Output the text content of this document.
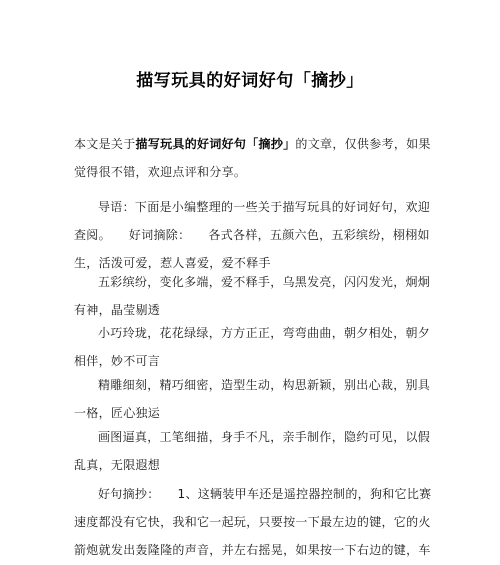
描写玩具的好词好句「摘抄」
本文是关于描写玩具的好词好句「摘抄」的文章，仅供参考，如果觉得很不错，欢迎点评和分享。
导语：下面是小编整理的一些关于描写玩具的好词好句，欢迎查阅。 好词摘除： 各式各样，五颜六色，五彩缤纷，栩栩如生，活泼可爱，惹人喜爱，爱不释手
五彩缤纷，变化多端，爱不释手，乌黑发亮，闪闪发光，炯炯有神，晶莹剔透
小巧玲珑，花花绿绿，方方正正，弯弯曲曲，朝夕相处，朝夕相伴，妙不可言
精雕细刻，精巧细密，造型生动，构思新颖，别出心裁，别具一格，匠心独运
画图逼真，工笔细描，身手不凡，亲手制作，隐约可见，以假乱真，无限遐想
好句摘抄： 1、这辆装甲车还是遥控器控制的，狗和它比赛速度都没有它快，我和它一起玩，只要按一下最左边的键，它的火箭炮就发出轰隆隆的声音，并左右摇晃，如果按一下右边的键，车
